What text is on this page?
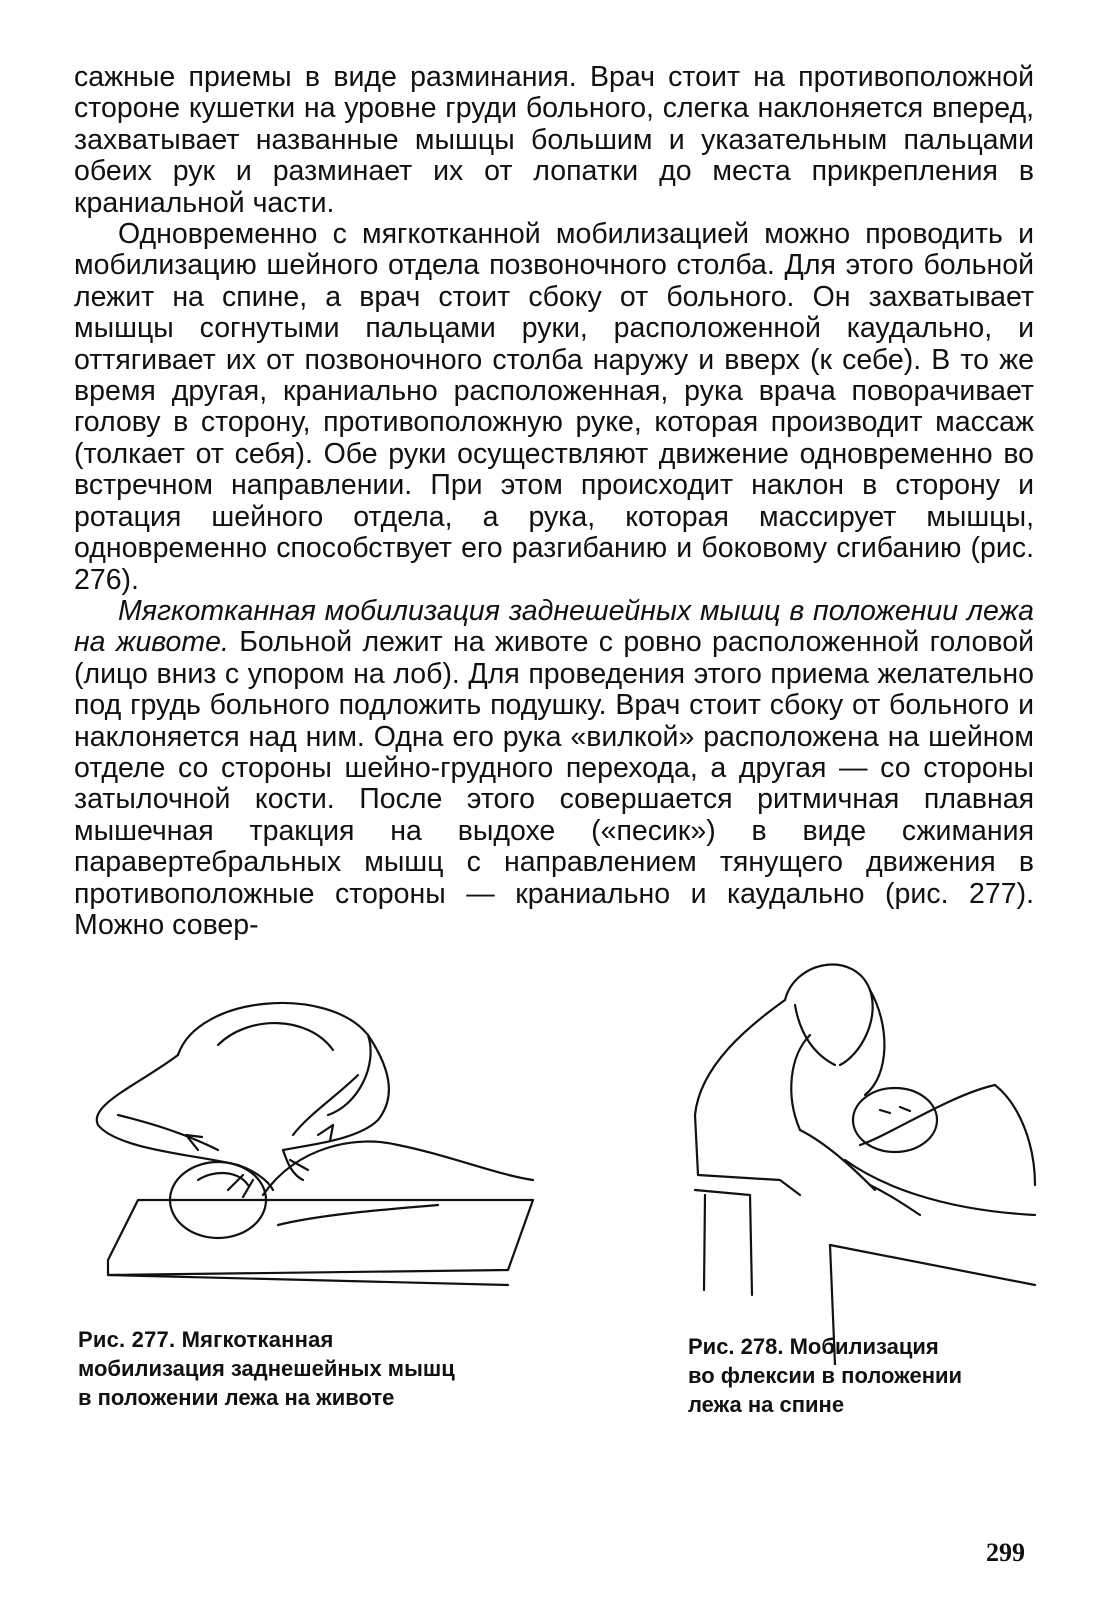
сажные приемы в виде разминания. Врач стоит на противоположной стороне кушетки на уровне груди больного, слегка наклоняется вперед, захватывает названные мышцы большим и указательным пальцами обеих рук и разминает их от лопатки до места прикрепления в краниальной части.

Одновременно с мягкотканной мобилизацией можно проводить и мобилизацию шейного отдела позвоночного столба. Для этого больной лежит на спине, а врач стоит сбоку от больного. Он захватывает мышцы согнутыми пальцами руки, расположенной каудально, и оттягивает их от позвоночного столба наружу и вверх (к себе). В то же время другая, краниально расположенная, рука врача поворачивает голову в сторону, противоположную руке, которая производит массаж (толкает от себя). Обе руки осуществляют движение одновременно во встречном направлении. При этом происходит наклон в сторону и ротация шейного отдела, а рука, которая массирует мышцы, одновременно способствует его разгибанию и боковому сгибанию (рис. 276).

Мягкотканная мобилизация заднешейных мышц в положении лежа на животе. Больной лежит на животе с ровно расположенной головой (лицо вниз с упором на лоб). Для проведения этого приема желательно под грудь больного подложить подушку. Врач стоит сбоку от больного и наклоняется над ним. Одна его рука «вилкой» расположена на шейном отделе со стороны шейно-грудного перехода, а другая — со стороны затылочной кости. После этого совершается ритмичная плавная мышечная тракция на выдохе («песик») в виде сжимания паравертебральных мышц с направлением тянущего движения в противоположные стороны — краниально и каудально (рис. 277). Можно совер-

Рис. 277. Мягкотканная
мобилизация заднешейных мышц
в положении лежа на животе
Рис. 278. Мобилизация
во флексии в положении
лежа на спине
299
